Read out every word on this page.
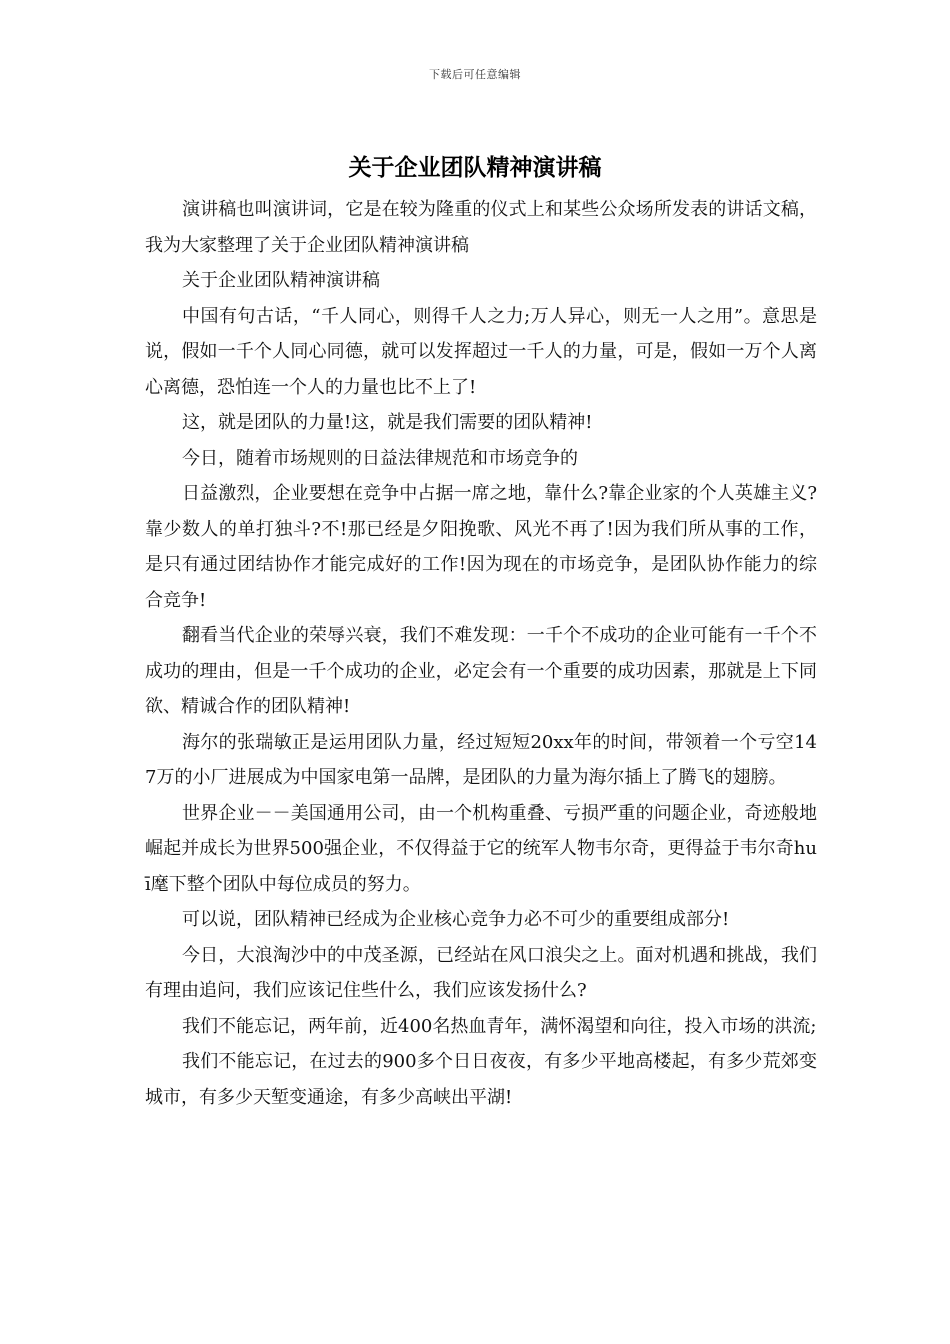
下载后可任意编辑
关于企业团队精神演讲稿

演讲稿也叫演讲词，它是在较为隆重的仪式上和某些公众场所发表的讲话文稿，我为大家整理了关于企业团队精神演讲稿

关于企业团队精神演讲稿

中国有句古话，“千人同心，则得千人之力;万人异心，则无一人之用”。意思是说，假如一千个人同心同德，就可以发挥超过一千人的力量，可是，假如一万个人离心离德，恐怕连一个人的力量也比不上了!

这，就是团队的力量!这，就是我们需要的团队精神!

今日，随着市场规则的日益法律规范和市场竞争的

日益激烈，企业要想在竞争中占据一席之地，靠什么?靠企业家的个人英雄主义?靠少数人的单打独斗?不!那已经是夕阳挽歌、风光不再了!因为我们所从事的工作，是只有通过团结协作才能完成好的工作!因为现在的市场竞争，是团队协作能力的综合竞争!

翻看当代企业的荣辱兴衰，我们不难发现：一千个不成功的企业可能有一千个不成功的理由，但是一千个成功的企业，必定会有一个重要的成功因素，那就是上下同欲、精诚合作的团队精神!

海尔的张瑞敏正是运用团队力量，经过短短20xx年的时间，带领着一个亏空147万的小厂进展成为中国家电第一品牌，是团队的力量为海尔插上了腾飞的翅膀。

世界企业－－美国通用公司，由一个机构重叠、亏损严重的问题企业，奇迹般地崛起并成长为世界500强企业，不仅得益于它的统军人物韦尔奇，更得益于韦尔奇huī麾下整个团队中每位成员的努力。

可以说，团队精神已经成为企业核心竞争力必不可少的重要组成部分!

今日，大浪淘沙中的中茂圣源，已经站在风口浪尖之上。面对机遇和挑战，我们有理由追问，我们应该记住些什么，我们应该发扬什么?

我们不能忘记，两年前，近400名热血青年，满怀渴望和向往，投入市场的洪流;

我们不能忘记，在过去的900多个日日夜夜，有多少平地高楼起，有多少荒郊变城市，有多少天堑变通途，有多少高峡出平湖!
